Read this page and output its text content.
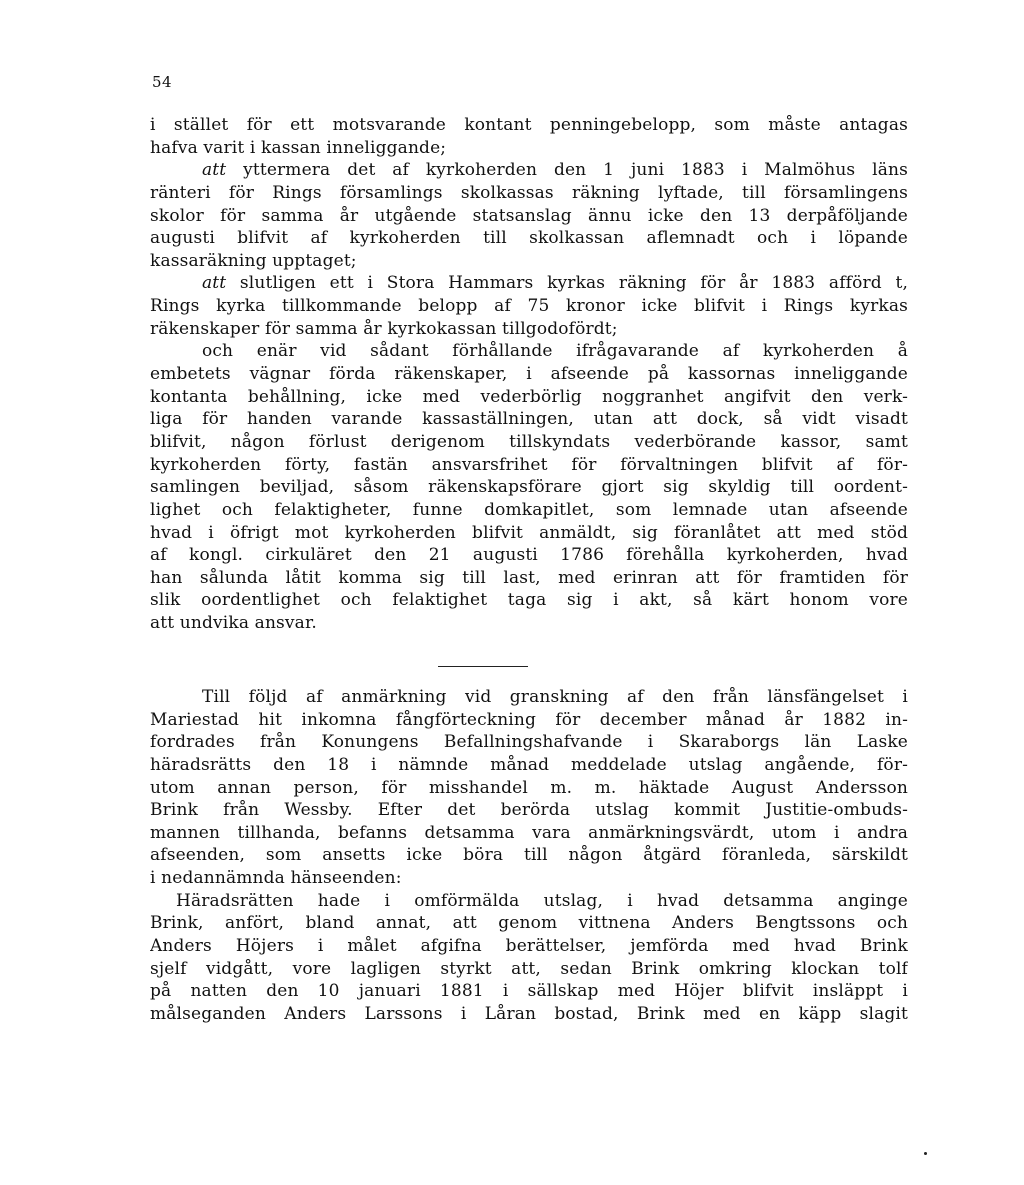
54
i stället för ett motsvarande kontant penningebelopp, som måste antagas
hafva varit i kassan inneliggande;
att yttermera det af kyrkoherden den 1 juni 1883 i Malmöhus läns
ränteri för Rings församlings skolkassas räkning lyftade, till församlingens
skolor för samma år utgående statsanslag ännu icke den 13 derpåföljande
augusti blifvit af kyrkoherden till skolkassan aflemnadt och i löpande
kassaräkning upptaget;
att slutligen ett i Stora Hammars kyrkas räkning för år 1883 afförd t,
Rings kyrka tillkommande belopp af 75 kronor icke blifvit i Rings kyrkas
räkenskaper för samma år kyrkokassan tillgodofördt;
och enär vid sådant förhållande ifrågavarande af kyrkoherden å
embetets vägnar förda räkenskaper, i afseende på kassornas inneliggande
kontanta behållning, icke med vederbörlig noggranhet angifvit den verk-
liga för handen varande kassaställningen, utan att dock, så vidt visadt
blifvit, någon förlust derigenom tillskyndats vederbörande kassor, samt
kyrkoherden förty, fastän ansvarsfrihet för förvaltningen blifvit af för-
samlingen beviljad, såsom räkenskapsförare gjort sig skyldig till oordent-
lighet och felaktigheter, funne domkapitlet, som lemnade utan afseende
hvad i öfrigt mot kyrkoherden blifvit anmäldt, sig föranlåtet att med stöd
af kongl. cirkuläret den 21 augusti 1786 förehålla kyrkoherden, hvad
han sålunda låtit komma sig till last, med erinran att för framtiden för
slik oordentlighet och felaktighet taga sig i akt, så kärt honom vore
att undvika ansvar.
Till följd af anmärkning vid granskning af den från länsfängelset i
Mariestad hit inkomna fångförteckning för december månad år 1882 in-
fordrades från Konungens Befallningshafvande i Skaraborgs län Laske
häradsrätts den 18 i nämnde månad meddelade utslag angående, för-
utom annan person, för misshandel m. m. häktade August Andersson
Brink från Wessby. Efter det berörda utslag kommit Justitie-ombuds-
mannen tillhanda, befanns detsamma vara anmärkningsvärdt, utom i andra
afseenden, som ansetts icke böra till någon åtgärd föranleda, särskildt
i nedannämnda hänseenden:
Häradsrätten hade i omförmälda utslag, i hvad detsamma anginge
Brink, anfört, bland annat, att genom vittnena Anders Bengtssons och
Anders Höjers i målet afgifna berättelser, jemförda med hvad Brink
sjelf vidgått, vore lagligen styrkt att, sedan Brink omkring klockan tolf
på natten den 10 januari 1881 i sällskap med Höjer blifvit insläppt i
målseganden Anders Larssons i Låran bostad, Brink med en käpp slagit
